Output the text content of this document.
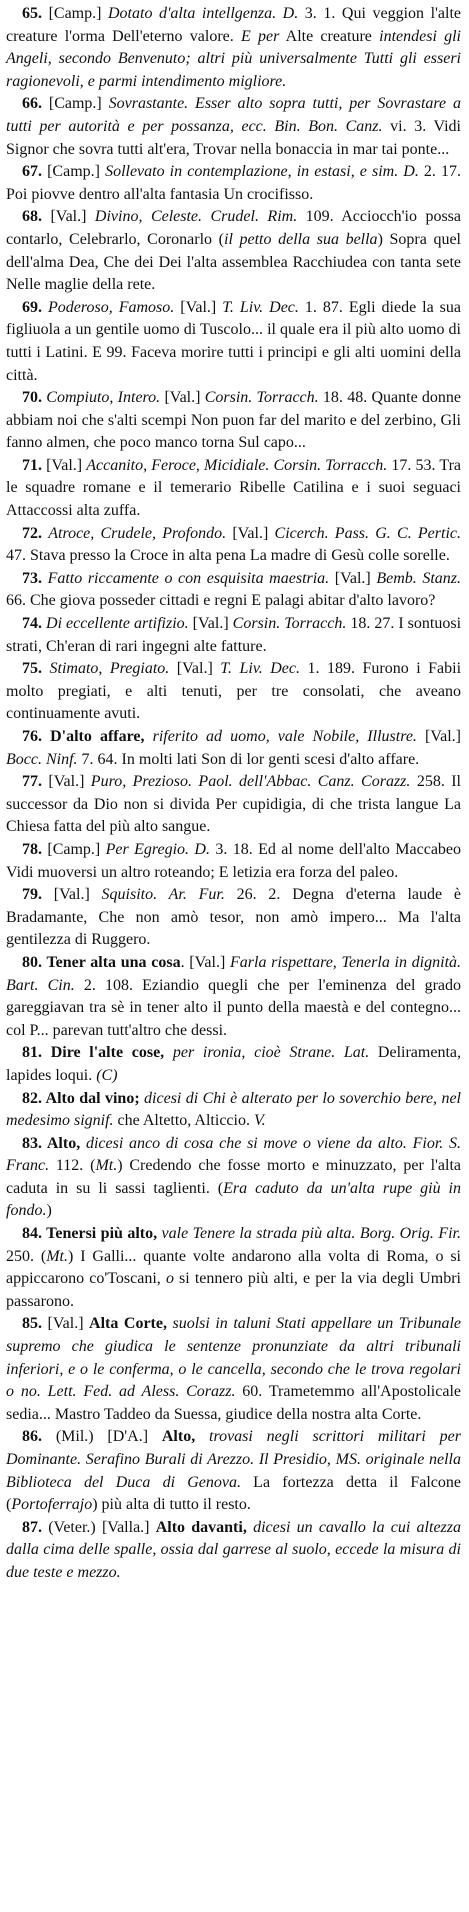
65. [Camp.] Dotato d'alta intellgenza. D. 3. 1. Qui veggion l'alte creature l'orma Dell'eterno valore. E per Alte creature intendesi gli Angeli, secondo Benvenuto; altri più universalmente Tutti gli esseri ragionevoli, e parmi intendimento migliore.

66. [Camp.] Sovrastante. Esser alto sopra tutti, per Sovrastare a tutti per autorità e per possanza, ecc. Bin. Bon. Canz. vi. 3. Vidi Signor che sovra tutti alt'era, Trovar nella bonaccia in mar tai ponte...

67. [Camp.] Sollevato in contemplazione, in estasi, e sim. D. 2. 17. Poi piovve dentro all'alta fantasia Un crocifisso.

68. [Val.] Divino, Celeste. Crudel. Rim. 109. Acciocch'io possa contarlo, Celebrarlo, Coronarlo (il petto della sua bella) Sopra quel dell'alma Dea, Che dei Dei l'alta assemblea Racchiudea con tanta sete Nelle maglie della rete.

69. Poderoso, Famoso. [Val.] T. Liv. Dec. 1. 87. Egli diede la sua figliuola a un gentile uomo di Tuscolo... il quale era il più alto uomo di tutti i Latini. E 99. Faceva morire tutti i principi e gli alti uomini della città.

70. Compiuto, Intero. [Val.] Corsin. Torracch. 18. 48. Quante donne abbiam noi che s'alti scempi Non puon far del marito e del zerbino, Gli fanno almen, che poco manco torna Sul capo...

71. [Val.] Accanito, Feroce, Micidiale. Corsin. Torracch. 17. 53. Tra le squadre romane e il temerario Ribelle Catilina e i suoi seguaci Attaccossi alta zuffa.

72. Atroce, Crudele, Profondo. [Val.] Cicerch. Pass. G. C. Pertic. 47. Stava presso la Croce in alta pena La madre di Gesù colle sorelle.

73. Fatto riccamente o con esquisita maestria. [Val.] Bemb. Stanz. 66. Che giova posseder cittadi e regni E palagi abitar d'alto lavoro?

74. Di eccellente artifizio. [Val.] Corsin. Torracch. 18. 27. I sontuosi strati, Ch'eran di rari ingegni alte fatture.

75. Stimato, Pregiato. [Val.] T. Liv. Dec. 1. 189. Furono i Fabii molto pregiati, e alti tenuti, per tre consolati, che aveano continuamente avuti.

76. D'alto affare, riferito ad uomo, vale Nobile, Illustre. [Val.] Bocc. Ninf. 7. 64. In molti lati Son di lor genti scesi d'alto affare.

77. [Val.] Puro, Prezioso. Paol. dell'Abbac. Canz. Corazz. 258. Il successor da Dio non si divida Per cupidigia, di che trista langue La Chiesa fatta del più alto sangue.

78. [Camp.] Per Egregio. D. 3. 18. Ed al nome dell'alto Maccabeo Vidi muoversi un altro roteando; E letizia era forza del paleo.

79. [Val.] Squisito. Ar. Fur. 26. 2. Degna d'eterna laude è Bradamante, Che non amò tesor, non amò impero... Ma l'alta gentilezza di Ruggero.

80. Tener alta una cosa. [Val.] Farla rispettare, Tenerla in dignità. Bart. Cin. 2. 108. Eziandio quegli che per l'eminenza del grado gareggiavan tra sè in tener alto il punto della maestà e del contegno... col P... parevan tutt'altro che dessi.

81. Dire l'alte cose, per ironia, cioè Strane. Lat. Deliramenta, lapides loqui. (C)

82. Alto dal vino; dicesi di Chi è alterato per lo soverchio bere, nel medesimo signif. che Altetto, Alticcio. V.

83. Alto, dicesi anco di cosa che si move o viene da alto. Fior. S. Franc. 112. (Mt.) Credendo che fosse morto e minuzzato, per l'alta caduta in su li sassi taglienti. (Era caduto da un'alta rupe giù in fondo.)

84. Tenersi più alto, vale Tenere la strada più alta. Borg. Orig. Fir. 250. (Mt.) I Galli... quante volte andarono alla volta di Roma, o si appiccarono co'Toscani, o si tennero più alti, e per la via degli Umbri passarono.

85. [Val.] Alta Corte, suolsi in taluni Stati appellare un Tribunale supremo che giudica le sentenze pronunziate da altri tribunali inferiori, e o le conferma, o le cancella, secondo che le trova regolari o no. Lett. Fed. ad Aless. Corazz. 60. Trametemmo all'Apostolicale sedia... Mastro Taddeo da Suessa, giudice della nostra alta Corte.

86. (Mil.) [D'A.] Alto, trovasi negli scrittori militari per Dominante. Serafino Burali di Arezzo. Il Presidio, MS. originale nella Biblioteca del Duca di Genova. La fortezza detta il Falcone (Portoferrajo) più alta di tutto il resto.

87. (Veter.) [Valla.] Alto davanti, dicesi un cavallo la cui altezza dalla cima delle spalle, ossia dal garrese al suolo, eccede la misura di due teste e mezzo.
